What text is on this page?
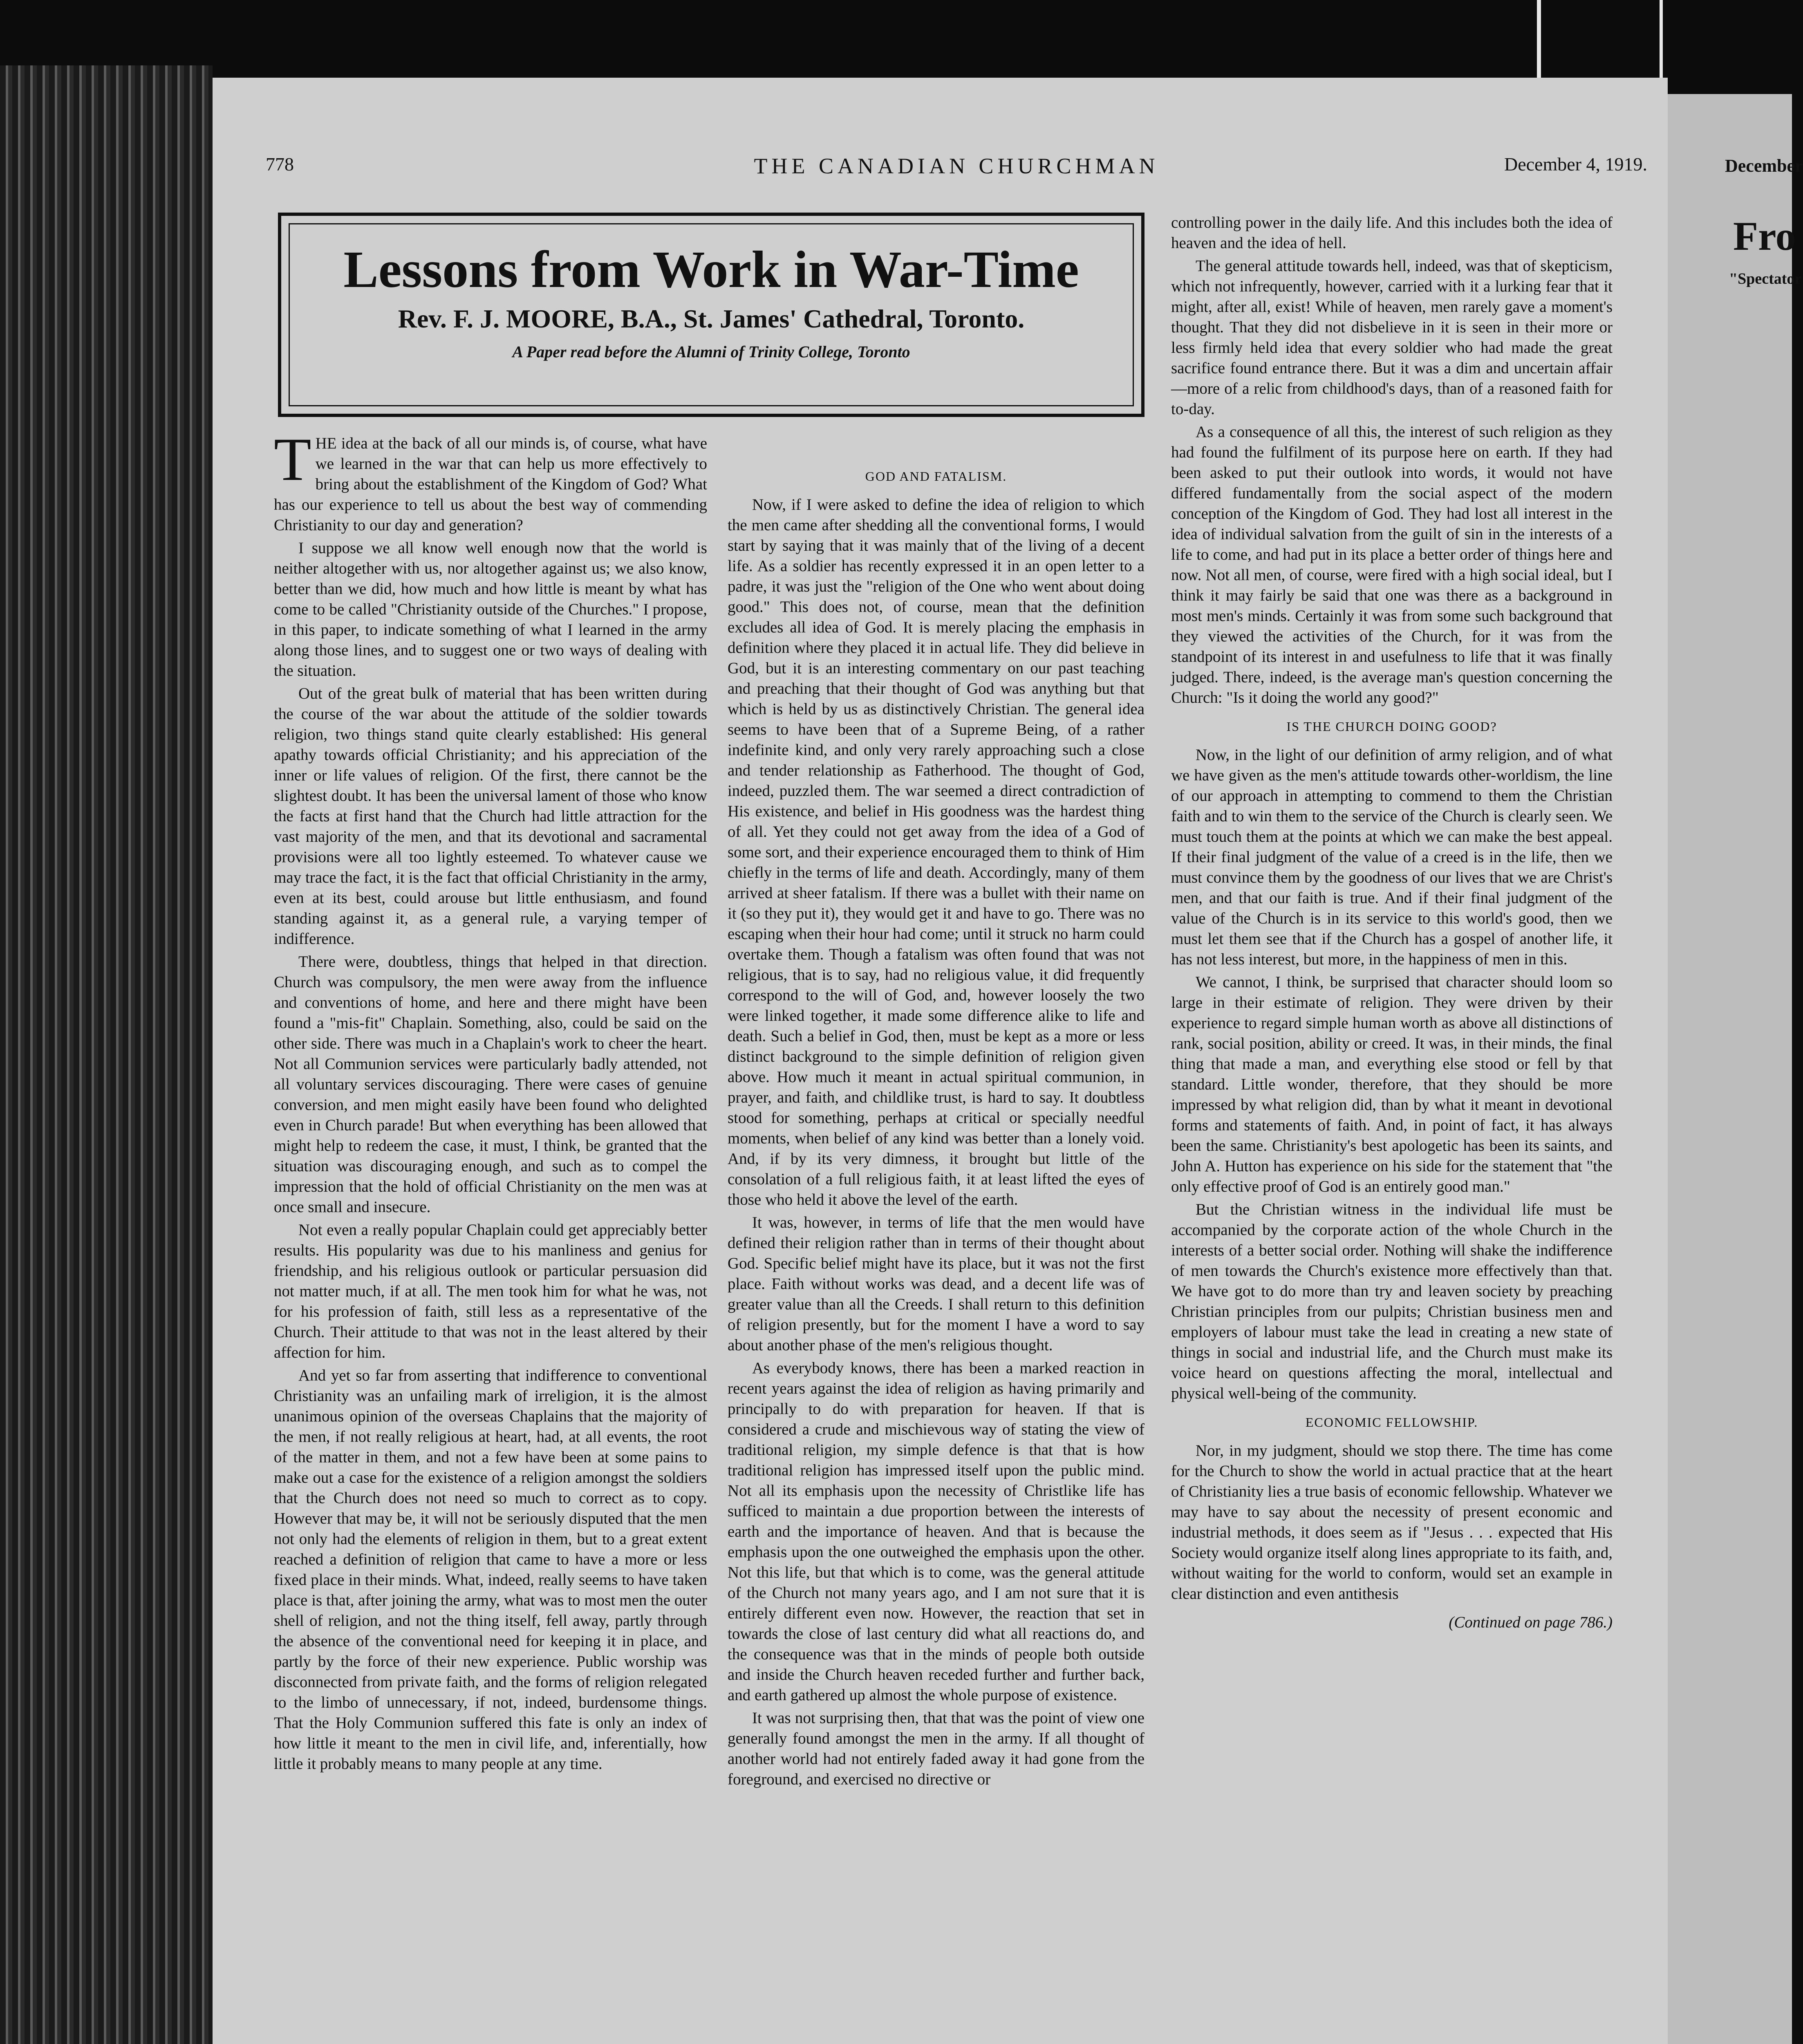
778	THE CANADIAN CHURCHMAN	December 4, 1919.
Lessons from Work in War-Time
Rev. F. J. MOORE, B.A., St. James' Cathedral, Toronto.
A Paper read before the Alumni of Trinity College, Toronto

THE idea at the back of all our minds is, of course, what have we learned in the war that can help us more effectively to bring about the establishment of the Kingdom of God? What has our experience to tell us about the best way of commending Christianity to our day and generation?

I suppose we all know well enough now that the world is neither altogether with us, nor altogether against us; we also know, better than we did, how much and how little is meant by what has come to be called "Christianity outside of the Churches." I propose, in this paper, to indicate something of what I learned in the army along those lines, and to suggest one or two ways of dealing with the situation.

Out of the great bulk of material that has been written during the course of the war about the attitude of the soldier towards religion, two things stand quite clearly established: His general apathy towards official Christianity; and his appreciation of the inner or life values of religion. Of the first, there cannot be the slightest doubt. It has been the universal lament of those who know the facts at first hand that the Church had little attraction for the vast majority of the men, and that its devotional and sacramental provisions were all too lightly esteemed. To whatever cause we may trace the fact, it is the fact that official Christianity in the army, even at its best, could arouse but little enthusiasm, and found standing against it, as a general rule, a varying temper of indifference.

There were, doubtless, things that helped in that direction. Church was compulsory, the men were away from the influence and conventions of home, and here and there might have been found a "mis-fit" Chaplain. Something, also, could be said on the other side. There was much in a Chaplain's work to cheer the heart. Not all Communion services were particularly badly attended, not all voluntary services discouraging. There were cases of genuine conversion, and men might easily have been found who delighted even in Church parade! But when everything has been allowed that might help to redeem the case, it must, I think, be granted that the situation was discouraging enough, and such as to compel the impression that the hold of official Christianity on the men was at once small and insecure.

Not even a really popular Chaplain could get appreciably better results. His popularity was due to his manliness and genius for friendship, and his religious outlook or particular persuasion did not matter much, if at all. The men took him for what he was, not for his profession of faith, still less as a representative of the Church. Their attitude to that was not in the least altered by their affection for him.

And yet so far from asserting that indifference to conventional Christianity was an unfailing mark of irreligion, it is the almost unanimous opinion of the overseas Chaplains that the majority of the men, if not really religious at heart, had, at all events, the root of the matter in them, and not a few have been at some pains to make out a case for the existence of a religion amongst the soldiers that the Church does not need so much to correct as to copy. However that may be, it will not be seriously disputed that the men not only had the elements of religion in them, but to a great extent reached a definition of religion that came to have a more or less fixed place in their minds. What, indeed, really seems to have taken place is that, after joining the army, what was to most men the outer shell of religion, and not the thing itself, fell away, partly through the absence of the conventional need for keeping it in place, and partly by the force of their new experience. Public worship was disconnected from private faith, and the forms of religion relegated to the limbo of unnecessary, if not, indeed, burdensome things. That the Holy Communion suffered this fate is only an index of how little it meant to the men in civil life, and, inferentially, how little it probably means to many people at any time.

GOD AND FATALISM.

Now, if I were asked to define the idea of religion to which the men came after shedding all the conventional forms, I would start by saying that it was mainly that of the living of a decent life. As a soldier has recently expressed it in an open letter to a padre, it was just the "religion of the One who went about doing good." This does not, of course, mean that the definition excludes all idea of God. It is merely placing the emphasis in definition where they placed it in actual life. They did believe in God, but it is an interesting commentary on our past teaching and preaching that their thought of God was anything but that which is held by us as distinctively Christian. The general idea seems to have been that of a Supreme Being, of a rather indefinite kind, and only very rarely approaching such a close and tender relationship as Fatherhood. The thought of God, indeed, puzzled them. The war seemed a direct contradiction of His existence, and belief in His goodness was the hardest thing of all. Yet they could not get away from the idea of a God of some sort, and their experience encouraged them to think of Him chiefly in the terms of life and death. Accordingly, many of them arrived at sheer fatalism. If there was a bullet with their name on it (so they put it), they would get it and have to go. There was no escaping when their hour had come; until it struck no harm could overtake them. Though a fatalism was often found that was not religious, that is to say, had no religious value, it did frequently correspond to the will of God, and, however loosely the two were linked together, it made some difference alike to life and death. Such a belief in God, then, must be kept as a more or less distinct background to the simple definition of religion given above. How much it meant in actual spiritual communion, in prayer, and faith, and childlike trust, is hard to say. It doubtless stood for something, perhaps at critical or specially needful moments, when belief of any kind was better than a lonely void. And, if by its very dimness, it brought but little of the consolation of a full religious faith, it at least lifted the eyes of those who held it above the level of the earth.

It was, however, in terms of life that the men would have defined their religion rather than in terms of their thought about God. Specific belief might have its place, but it was not the first place. Faith without works was dead, and a decent life was of greater value than all the Creeds. I shall return to this definition of religion presently, but for the moment I have a word to say about another phase of the men's religious thought.

As everybody knows, there has been a marked reaction in recent years against the idea of religion as having primarily and principally to do with preparation for heaven. If that is considered a crude and mischievous way of stating the view of traditional religion, my simple defence is that that is how traditional religion has impressed itself upon the public mind. Not all its emphasis upon the necessity of Christlike life has sufficed to maintain a due proportion between the interests of earth and the importance of heaven. And that is because the emphasis upon the one outweighed the emphasis upon the other. Not this life, but that which is to come, was the general attitude of the Church not many years ago, and I am not sure that it is entirely different even now. However, the reaction that set in towards the close of last century did what all reactions do, and the consequence was that in the minds of people both outside and inside the Church heaven receded further and further back, and earth gathered up almost the whole purpose of existence.

It was not surprising then, that that was the point of view one generally found amongst the men in the army. If all thought of another world had not entirely faded away it had gone from the foreground, and exercised no directive or

controlling power in the daily life. And this includes both the idea of heaven and the idea of hell.

The general attitude towards hell, indeed, was that of skepticism, which not infrequently, however, carried with it a lurking fear that it might, after all, exist! While of heaven, men rarely gave a moment's thought. That they did not disbelieve in it is seen in their more or less firmly held idea that every soldier who had made the great sacrifice found entrance there. But it was a dim and uncertain affair—more of a relic from childhood's days, than of a reasoned faith for to-day.

As a consequence of all this, the interest of such religion as they had found the fulfilment of its purpose here on earth. If they had been asked to put their outlook into words, it would not have differed fundamentally from the social aspect of the modern conception of the Kingdom of God. They had lost all interest in the idea of individual salvation from the guilt of sin in the interests of a life to come, and had put in its place a better order of things here and now. Not all men, of course, were fired with a high social ideal, but I think it may fairly be said that one was there as a background in most men's minds. Certainly it was from some such background that they viewed the activities of the Church, for it was from the standpoint of its interest in and usefulness to life that it was finally judged. There, indeed, is the average man's question concerning the Church: "Is it doing the world any good?"

IS THE CHURCH DOING GOOD?

Now, in the light of our definition of army religion, and of what we have given as the men's attitude towards other-worldism, the line of our approach in attempting to commend to them the Christian faith and to win them to the service of the Church is clearly seen. We must touch them at the points at which we can make the best appeal. If their final judgment of the value of a creed is in the life, then we must convince them by the goodness of our lives that we are Christ's men, and that our faith is true. And if their final judgment of the value of the Church is in its service to this world's good, then we must let them see that if the Church has a gospel of another life, it has not less interest, but more, in the happiness of men in this.

We cannot, I think, be surprised that character should loom so large in their estimate of religion. They were driven by their experience to regard simple human worth as above all distinctions of rank, social position, ability or creed. It was, in their minds, the final thing that made a man, and everything else stood or fell by that standard. Little wonder, therefore, that they should be more impressed by what religion did, than by what it meant in devotional forms and statements of faith. And, in point of fact, it has always been the same. Christianity's best apologetic has been its saints, and John A. Hutton has experience on his side for the statement that "the only effective proof of God is an entirely good man."

But the Christian witness in the individual life must be accompanied by the corporate action of the whole Church in the interests of a better social order. Nothing will shake the indifference of men towards the Church's existence more effectively than that. We have got to do more than try and leaven society by preaching Christian principles from our pulpits; Christian business men and employers of labour must take the lead in creating a new state of things in social and industrial life, and the Church must make its voice heard on questions affecting the moral, intellectual and physical well-being of the community.

ECONOMIC FELLOWSHIP.

Nor, in my judgment, should we stop there. The time has come for the Church to show the world in actual practice that at the heart of Christianity lies a true basis of economic fellowship. Whatever we may have to say about the necessity of present economic and industrial methods, it does seem as if "Jesus . . . expected that His Society would organize itself along lines appropriate to its faith, and, without waiting for the world to conform, would set an example in clear distinction and even antithesis

(Continued on page 786.)
December
Fro
"Spectator
